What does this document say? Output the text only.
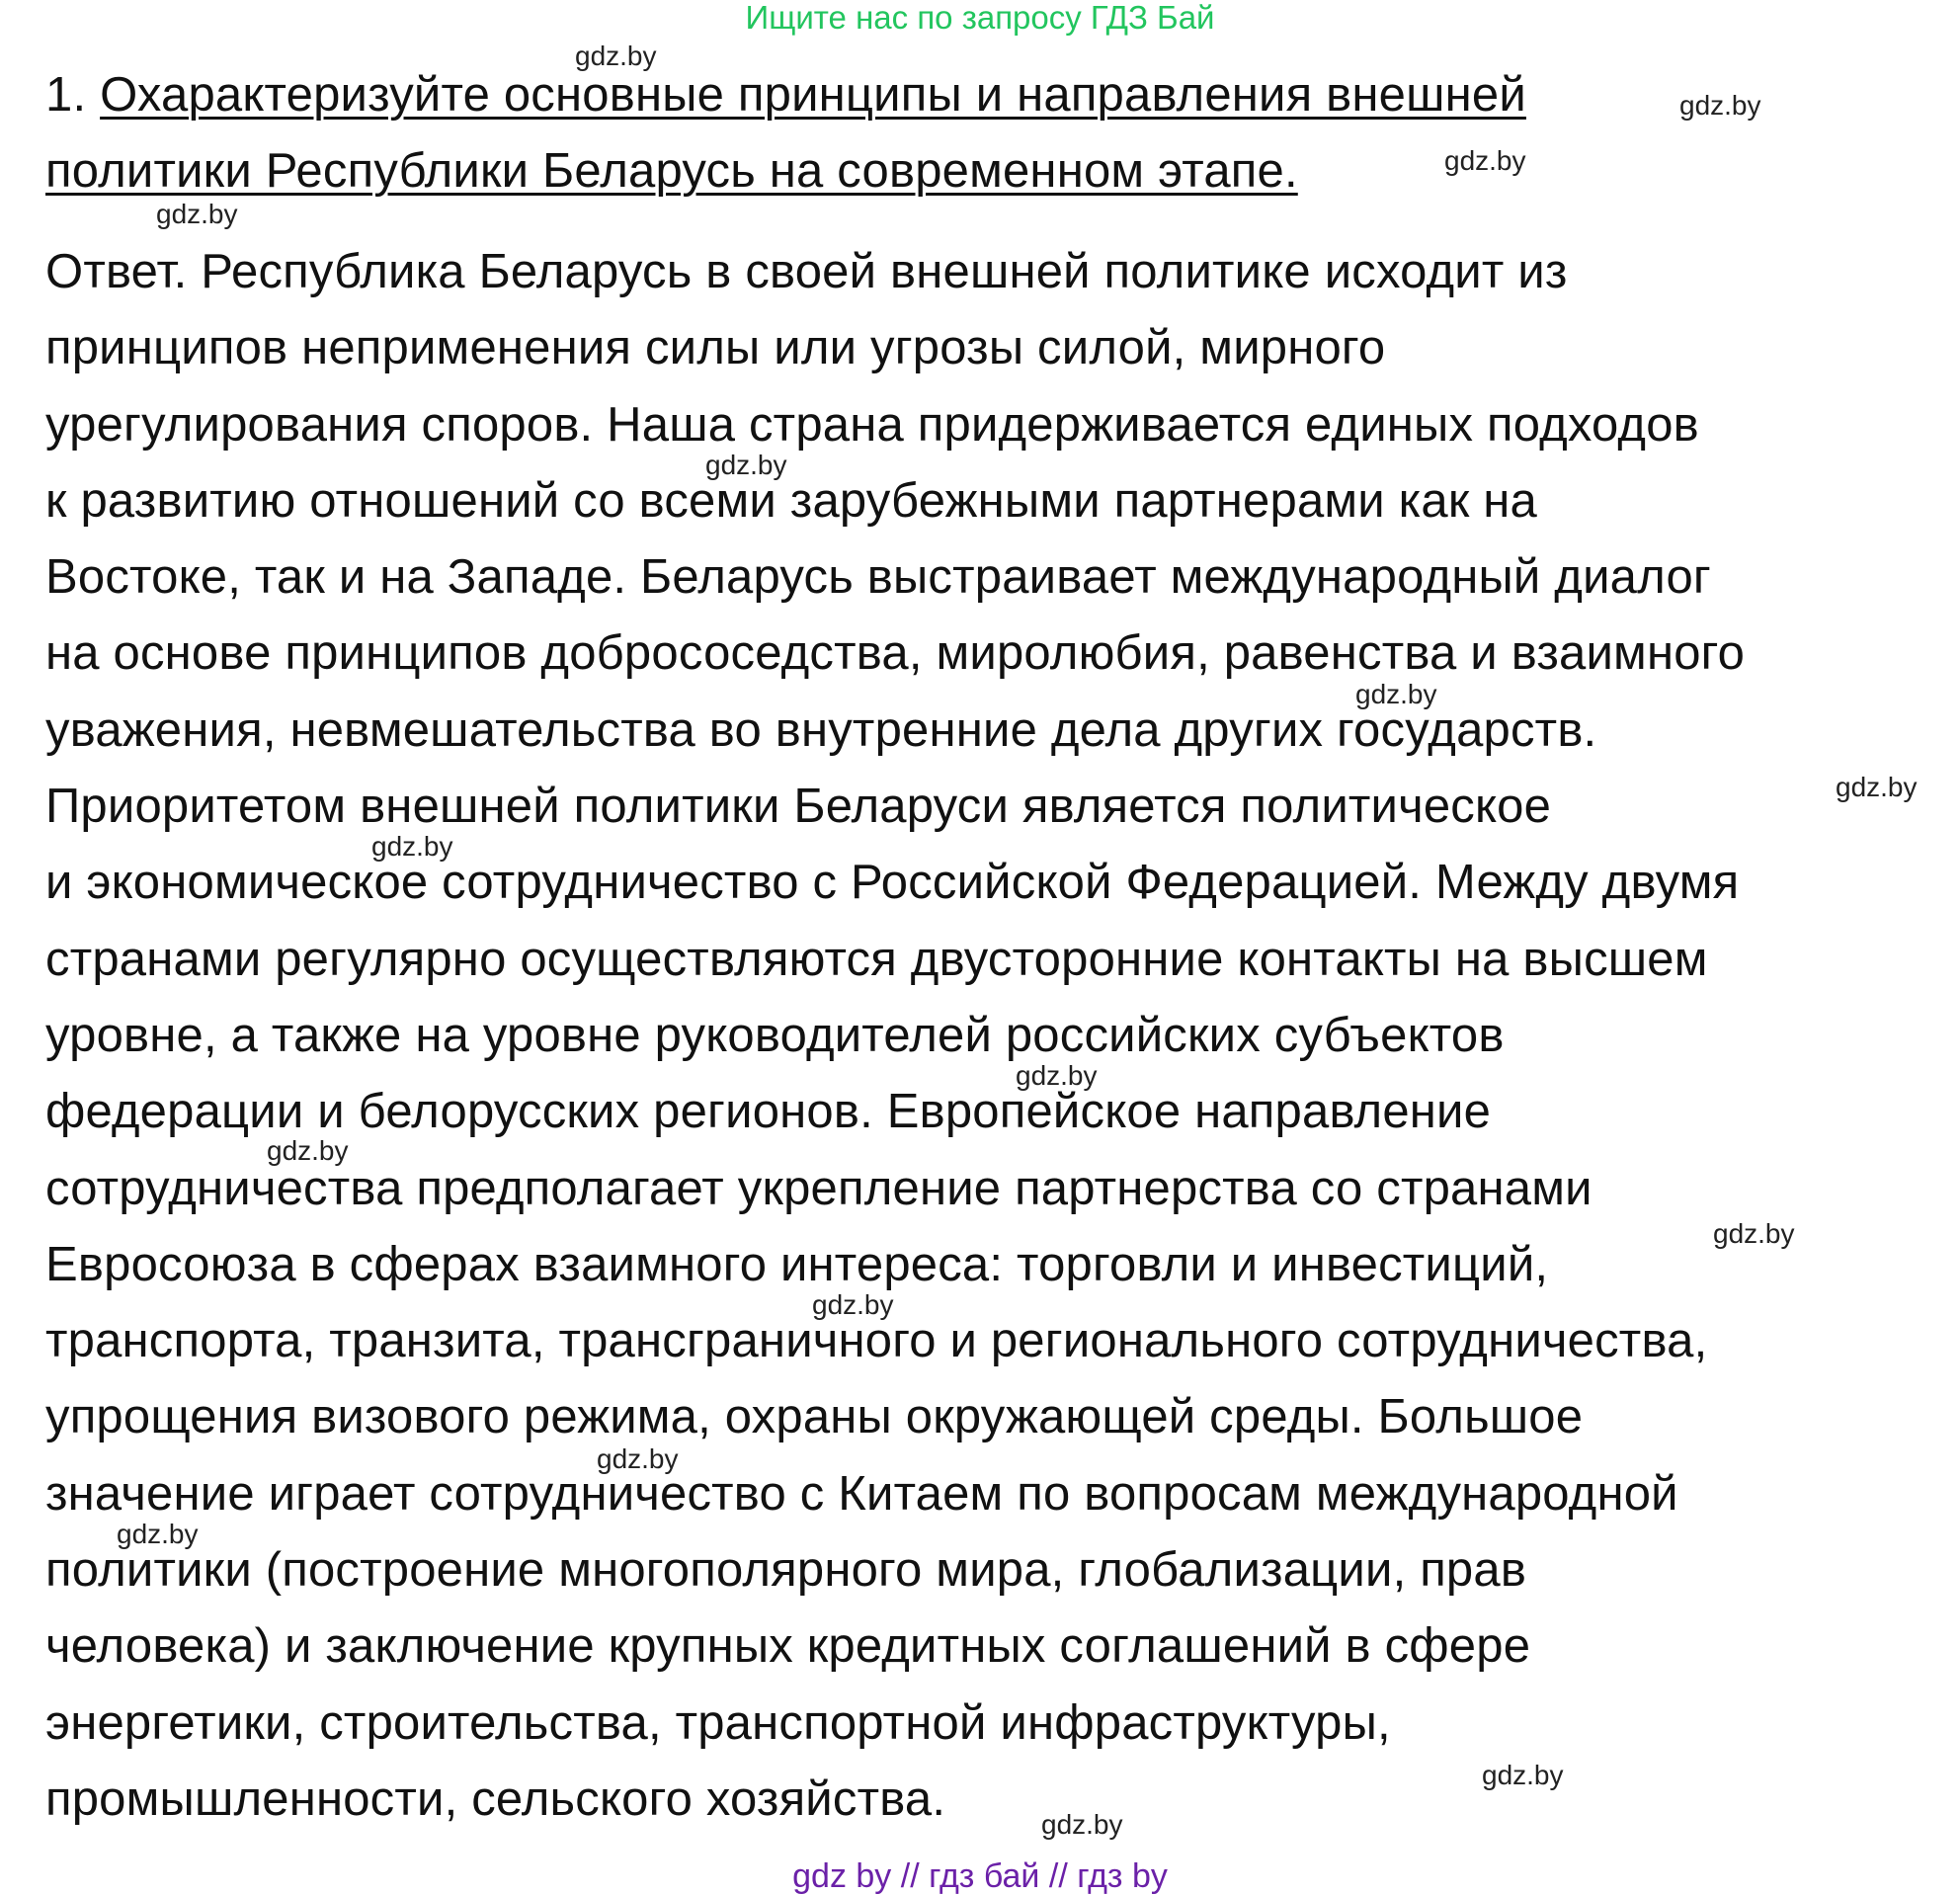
Ищите нас по запросу ГДЗ Бай
1. Охарактеризуйте основные принципы и направления внешней
политики Республики Беларусь на современном этапе.
Ответ. Республика Беларусь в своей внешней политике исходит из
принципов неприменения силы или угрозы силой, мирного
урегулирования споров. Наша страна придерживается единых подходов
к развитию отношений со всеми зарубежными партнерами как на
Востоке, так и на Западе. Беларусь выстраивает международный диалог
на основе принципов добрососедства, миролюбия, равенства и взаимного
уважения, невмешательства во внутренние дела других государств.
Приоритетом внешней политики Беларуси является политическое
и экономическое сотрудничество с Российской Федерацией. Между двумя
странами регулярно осуществляются двусторонние контакты на высшем
уровне, а также на уровне руководителей российских субъектов
федерации и белорусских регионов. Европейское направление
сотрудничества предполагает укрепление партнерства со странами
Евросоюза в сферах взаимного интереса: торговли и инвестиций,
транспорта, транзита, трансграничного и регионального сотрудничества,
упрощения визового режима, охраны окружающей среды. Большое
значение играет сотрудничество с Китаем по вопросам международной
политики (построение многополярного мира, глобализации, прав
человека) и заключение крупных кредитных соглашений в сфере
энергетики, строительства, транспортной инфраструктуры,
промышленности, сельского хозяйства.
gdz.by
gdz.by
gdz.by
gdz.by
gdz.by
gdz.by
gdz.by
gdz.by
gdz.by
gdz.by
gdz.by
gdz.by
gdz.by
gdz.by
gdz.by
gdz.by
gdz by // гдз бай // гдз by
